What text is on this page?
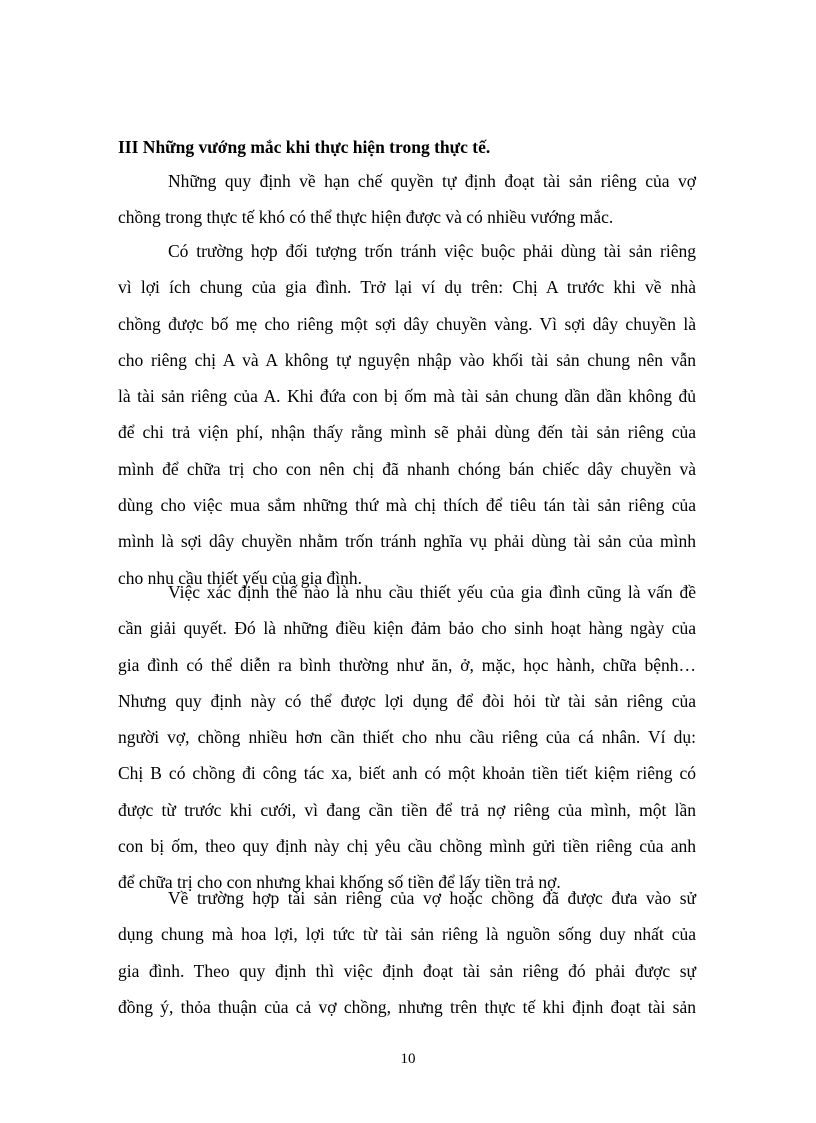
III Những vướng mắc khi thực hiện trong thực tế.
Những quy định về hạn chế quyền tự định đoạt tài sản riêng của vợ
chồng trong thực tế khó có thể thực hiện được và có nhiều vướng mắc.
Có trường hợp đối tượng trốn tránh việc buộc phải dùng tài sản riêng
vì lợi ích chung của gia đình. Trở lại ví dụ trên: Chị A trước khi về nhà
chồng được bố mẹ cho riêng một sợi dây chuyền vàng. Vì sợi dây chuyền là
cho riêng chị A và A không tự nguyện nhập vào khối tài sản chung nên vẫn
là tài sản riêng của A. Khi đứa con bị ốm mà tài sản chung dần dần không đủ
để chi trả viện phí, nhận thấy rằng mình sẽ phải dùng đến tài sản riêng của
mình để chữa trị cho con nên chị đã nhanh chóng bán chiếc dây chuyền và
dùng cho việc mua sắm những thứ mà chị thích để tiêu tán tài sản riêng của
mình là sợi dây chuyền nhằm trốn tránh nghĩa vụ phải dùng tài sản của mình
cho nhu cầu thiết yếu của gia đình.
Việc xác định thế nào là nhu cầu thiết yếu của gia đình cũng là vấn đề
cần giải quyết. Đó là những điều kiện đảm bảo cho sinh hoạt hàng ngày của
gia đình có thể diễn ra bình thường như ăn, ở, mặc, học hành, chữa bệnh…
Nhưng quy định này có thể được lợi dụng để đòi hỏi từ tài sản riêng của
người vợ, chồng nhiều hơn cần thiết cho nhu cầu riêng của cá nhân. Ví dụ:
Chị B có chồng đi công tác xa, biết anh có một khoản tiền tiết kiệm riêng có
được từ trước khi cưới, vì đang cần tiền để trả nợ riêng của mình, một lần
con bị ốm, theo quy định này chị yêu cầu chồng mình gửi tiền riêng của anh
để chữa trị cho con nhưng khai khống số tiền để lấy tiền trả nợ.
Về trường hợp tài sản riêng của vợ hoặc chồng đã được đưa vào sử
dụng chung mà hoa lợi, lợi tức từ tài sản riêng là nguồn sống duy nhất của
gia đình. Theo quy định thì việc định đoạt tài sản riêng đó phải được sự
đồng ý, thỏa thuận của cả vợ chồng, nhưng trên thực tế khi định đoạt tài sản
10
